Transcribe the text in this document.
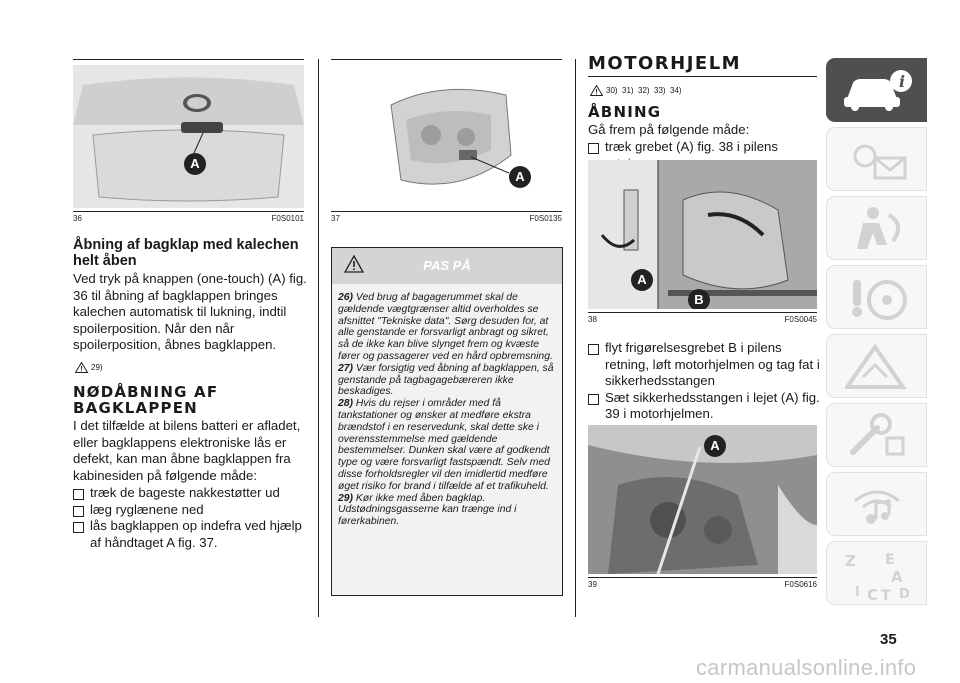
A
36	F0S0101
Åbning af bagklap med kalechen helt åben

Ved tryk på knappen (one-touch) (A) fig. 36 til åbning af bagklappen bringes kalechen automatisk til lukning, indtil spoilerposition. Når den når spoilerposition, åbnes bagklappen.

29)
NØDÅBNING AF BAGKLAPPEN

I det tilfælde at bilens batteri er afladet, eller bagklappens elektroniske lås er defekt, kan man åbne bagklappen fra kabinesiden på følgende måde:

træk de bageste nakkestøtter ud
læg ryglænene ned
lås bagklappen op indefra ved hjælp af håndtaget A fig. 37.
A
37	F0S0135
PAS PÅ

26) Ved brug af bagagerummet skal de gældende vægtgrænser altid overholdes se afsnittet "Tekniske data". Sørg desuden for, at alle genstande er forsvarligt anbragt og sikret, så de ikke kan blive slynget frem og kvæste fører og passagerer ved en hård opbremsning.

27) Vær forsigtig ved åbning af bagklappen, så genstande på tagbagagebæreren ikke beskadiges.

28) Hvis du rejser i områder med få tankstationer og ønsker at medføre ekstra brændstof i en reservedunk, skal dette ske i overensstemmelse med gældende bestemmelser. Dunken skal være af godkendt type og være forsvarligt fastspændt. Selv med disse forholdsregler vil den imidlertid medføre øget risiko for brand i tilfælde af et trafikuheld.

29) Kør ikke med åben bagklap. Udstødningsgasserne kan trænge ind i førerkabinen.

MOTORHJELM
30)  31)  32)  33)  34)
ÅBNING

Gå frem på følgende måde:

træk grebet (A) fig. 38 i pilens
A
B
38	F0S0045
flyt frigørelsesgrebet B i pilens retning, løft motorhjelmen og tag fat i sikkerhedsstangen
Sæt sikkerhedsstangen i lejet (A) fig. 39 i motorhjelmen.
A
39	F0S0616
i
Z E
A
I C T D
35
carmanualsonline.info
